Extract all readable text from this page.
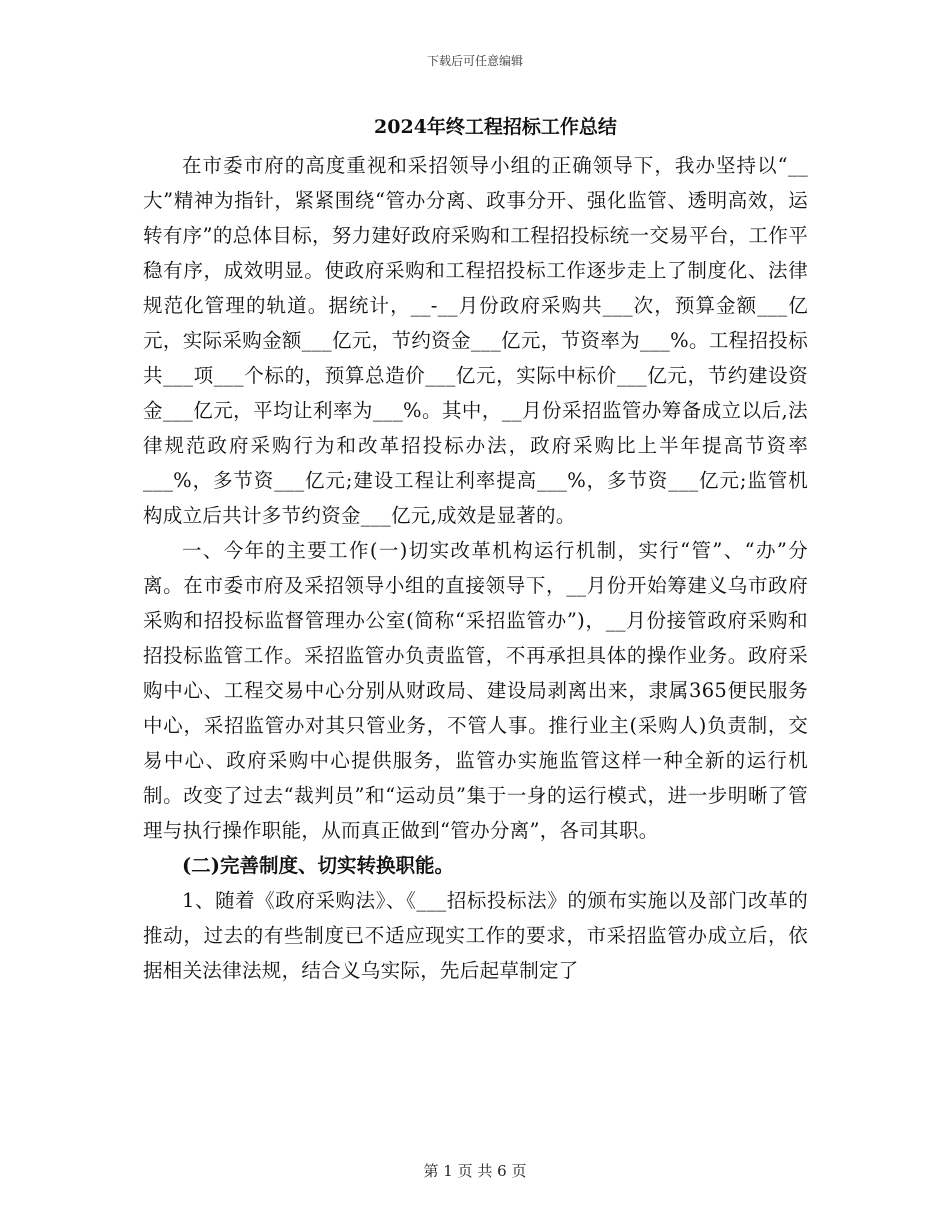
下载后可任意编辑
2024年终工程招标工作总结

在市委市府的高度重视和采招领导小组的正确领导下，我办坚持以“__大”精神为指针，紧紧围绕“管办分离、政事分开、强化监管、透明高效，运转有序”的总体目标，努力建好政府采购和工程招投标统一交易平台，工作平稳有序，成效明显。使政府采购和工程招投标工作逐步走上了制度化、法律规范化管理的轨道。据统计，__-__月份政府采购共___次，预算金额___亿元，实际采购金额___亿元，节约资金___亿元，节资率为___%。工程招投标共___项___个标的，预算总造价___亿元，实际中标价___亿元，节约建设资金___亿元，平均让利率为___%。其中，__月份采招监管办筹备成立以后,法律规范政府采购行为和改革招投标办法，政府采购比上半年提高节资率___%，多节资___亿元;建设工程让利率提高___%，多节资___亿元;监管机构成立后共计多节约资金___亿元,成效是显著的。

一、今年的主要工作(一)切实改革机构运行机制，实行“管”、“办”分离。在市委市府及采招领导小组的直接领导下，__月份开始筹建义乌市政府采购和招投标监督管理办公室(简称“采招监管办”)，__月份接管政府采购和招投标监管工作。采招监管办负责监管，不再承担具体的操作业务。政府采购中心、工程交易中心分别从财政局、建设局剥离出来，隶属365便民服务中心，采招监管办对其只管业务，不管人事。推行业主(采购人)负责制，交易中心、政府采购中心提供服务，监管办实施监管这样一种全新的运行机制。改变了过去“裁判员”和“运动员”集于一身的运行模式，进一步明晰了管理与执行操作职能，从而真正做到“管办分离”，各司其职。

(二)完善制度、切实转换职能。

1、随着《政府采购法》、《___招标投标法》的颁布实施以及部门改革的推动，过去的有些制度已不适应现实工作的要求，市采招监管办成立后，依据相关法律法规，结合义乌实际，先后起草制定了

第 1 页 共 6 页
